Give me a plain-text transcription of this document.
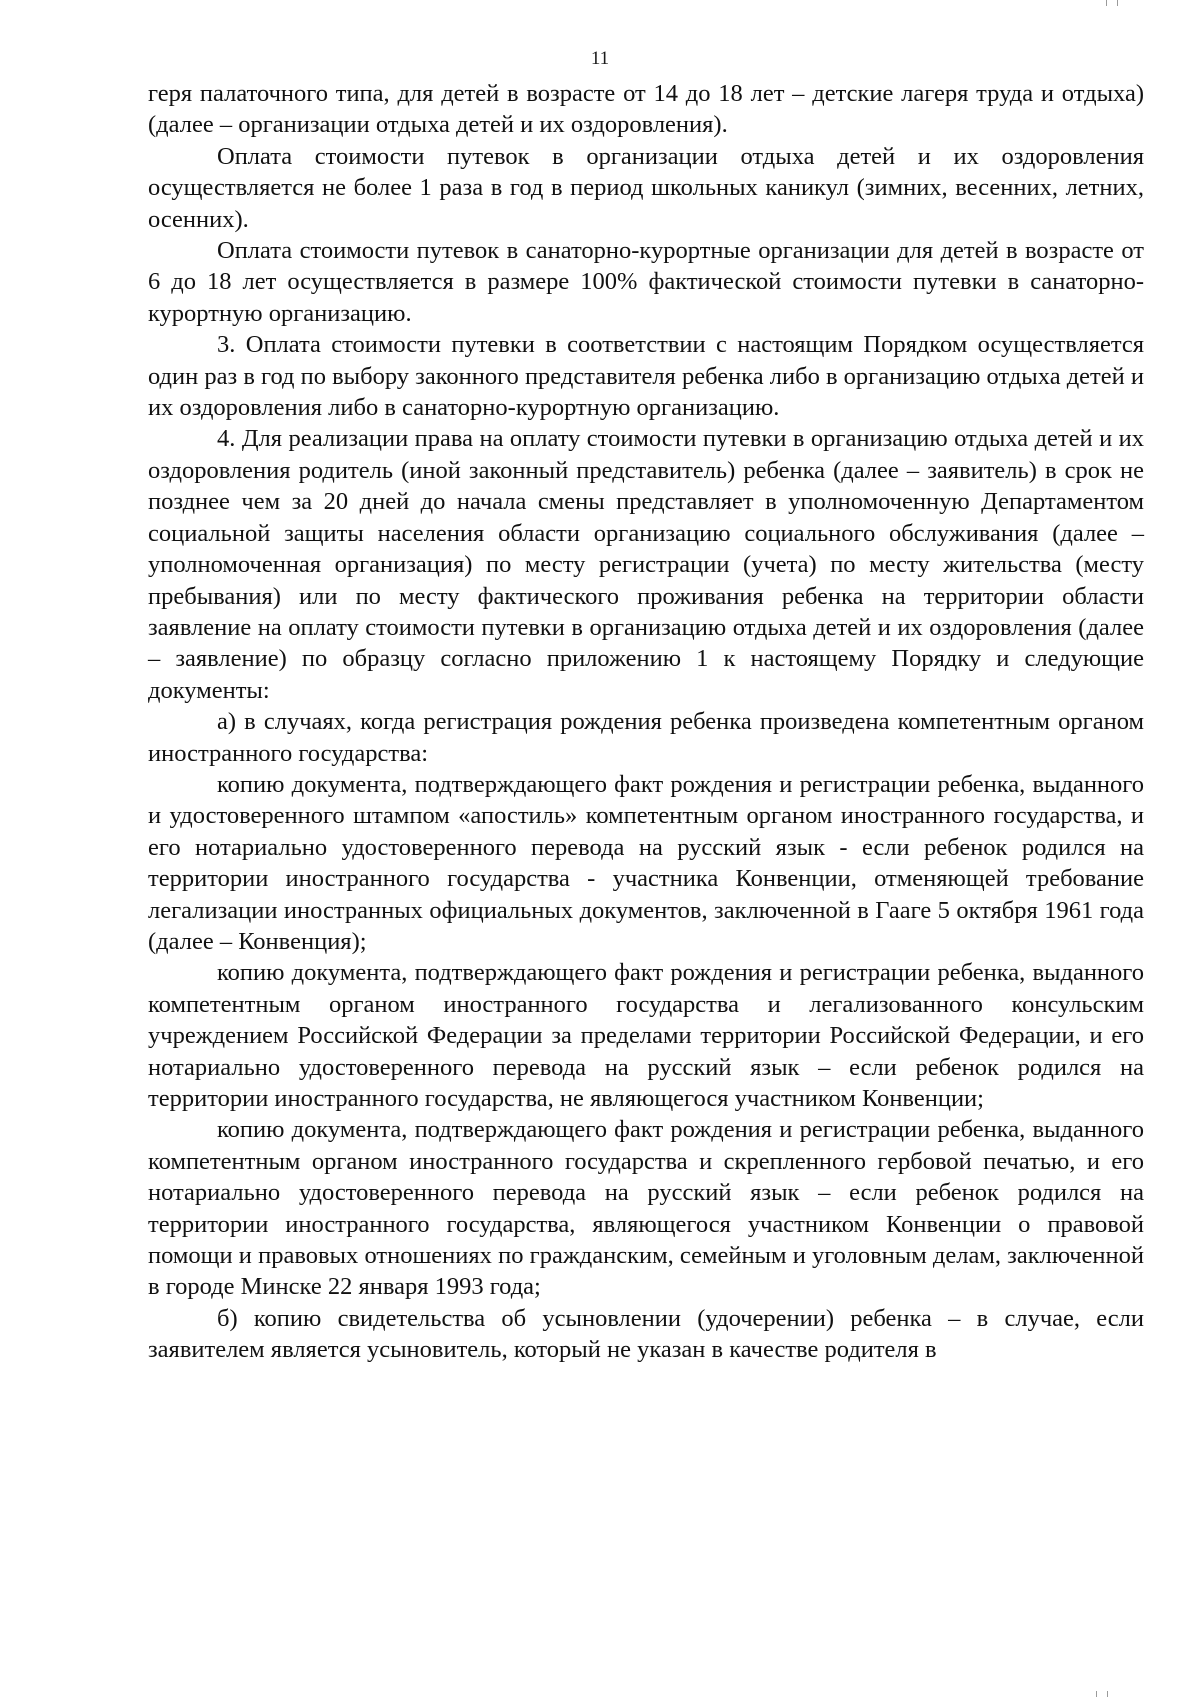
11

геря палаточного типа, для детей в возрасте от 14 до 18 лет – детские лагеря труда и отдыха) (далее – организации отдыха детей и их оздоровления).

Оплата стоимости путевок в организации отдыха детей и их оздоровления осуществляется не более 1 раза в год в период школьных каникул (зимних, весенних, летних, осенних).

Оплата стоимости путевок в санаторно-курортные организации для детей в возрасте от 6 до 18 лет осуществляется в размере 100% фактической стоимости путевки в санаторно-курортную организацию.

3. Оплата стоимости путевки в соответствии с настоящим Порядком осуществляется один раз в год по выбору законного представителя ребенка либо в организацию отдыха детей и их оздоровления либо в санаторно-курортную организацию.

4. Для реализации права на оплату стоимости путевки в организацию отдыха детей и их оздоровления родитель (иной законный представитель) ребенка (далее – заявитель) в срок не позднее чем за 20 дней до начала смены представляет в уполномоченную Департаментом социальной защиты населения области организацию социального обслуживания (далее – уполномоченная организация) по месту регистрации (учета) по месту жительства (месту пребывания) или по месту фактического проживания ребенка на территории области заявление на оплату стоимости путевки в организацию отдыха детей и их оздоровления (далее – заявление) по образцу согласно приложению 1 к настоящему Порядку и следующие документы:

а) в случаях, когда регистрация рождения ребенка произведена компетентным органом иностранного государства:

копию документа, подтверждающего факт рождения и регистрации ребенка, выданного и удостоверенного штампом «апостиль» компетентным органом иностранного государства, и его нотариально удостоверенного перевода на русский язык - если ребенок родился на территории иностранного государства - участника Конвенции, отменяющей требование легализации иностранных официальных документов, заключенной в Гааге 5 октября 1961 года (далее – Конвенция);

копию документа, подтверждающего факт рождения и регистрации ребенка, выданного компетентным органом иностранного государства и легализованного консульским учреждением Российской Федерации за пределами территории Российской Федерации, и его нотариально удостоверенного перевода на русский язык – если ребенок родился на территории иностранного государства, не являющегося участником Конвенции;

копию документа, подтверждающего факт рождения и регистрации ребенка, выданного компетентным органом иностранного государства и скрепленного гербовой печатью, и его нотариально удостоверенного перевода на русский язык – если ребенок родился на территории иностранного государства, являющегося участником Конвенции о правовой помощи и правовых отношениях по гражданским, семейным и уголовным делам, заключенной в городе Минске 22 января 1993 года;

б) копию свидетельства об усыновлении (удочерении) ребенка – в случае, если заявителем является усыновитель, который не указан в качестве родителя в
